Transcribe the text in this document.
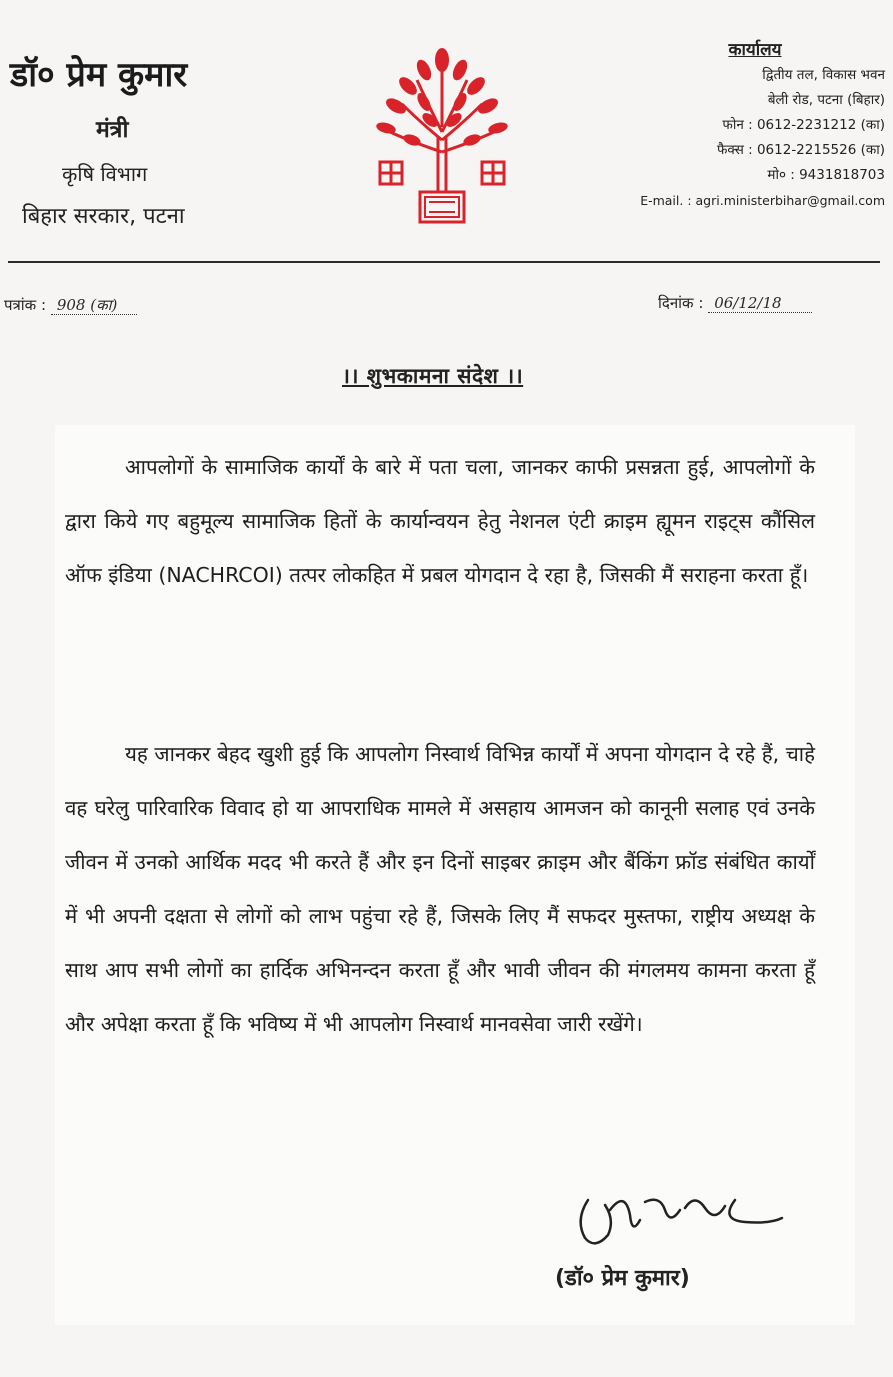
डॉ० प्रेम कुमार
मंत्री
कृषि विभाग
बिहार सरकार, पटना
कार्यालय
द्वितीय तल, विकास भवन
बेली रोड, पटना (बिहार)
फोन : 0612-2231212 (का)
फैक्स : 0612-2215526 (का)
मो० : 9431818703
E-mail. : agri.ministerbihar@gmail.com
पत्रांक : 908 (का)	दिनांक : 06/12/18
।। शुभकामना संदेश ।।
आपलोगों के सामाजिक कार्यों के बारे में पता चला, जानकर काफी प्रसन्नता हुई, आपलोगों के द्वारा किये गए बहुमूल्य सामाजिक हितों के कार्यान्वयन हेतु नेशनल एंटी क्राइम ह्यूमन राइट्स कौंसिल ऑफ इंडिया (NACHRCOI) तत्पर लोकहित में प्रबल योगदान दे रहा है, जिसकी मैं सराहना करता हूँ।
यह जानकर बेहद खुशी हुई कि आपलोग निस्वार्थ विभिन्न कार्यों में अपना योगदान दे रहे हैं, चाहे वह घरेलु पारिवारिक विवाद हो या आपराधिक मामले में असहाय आमजन को कानूनी सलाह एवं उनके जीवन में उनको आर्थिक मदद भी करते हैं और इन दिनों साइबर क्राइम और बैंकिंग फ्रॉड संबंधित कार्यों में भी अपनी दक्षता से लोगों को लाभ पहुंचा रहे हैं, जिसके लिए मैं सफदर मुस्तफा, राष्ट्रीय अध्यक्ष के साथ आप सभी लोगों का हार्दिक अभिनन्दन करता हूँ और भावी जीवन की मंगलमय कामना करता हूँ और अपेक्षा करता हूँ कि भविष्य में भी आपलोग निस्वार्थ मानवसेवा जारी रखेंगे।
(डॉ० प्रेम कुमार)
